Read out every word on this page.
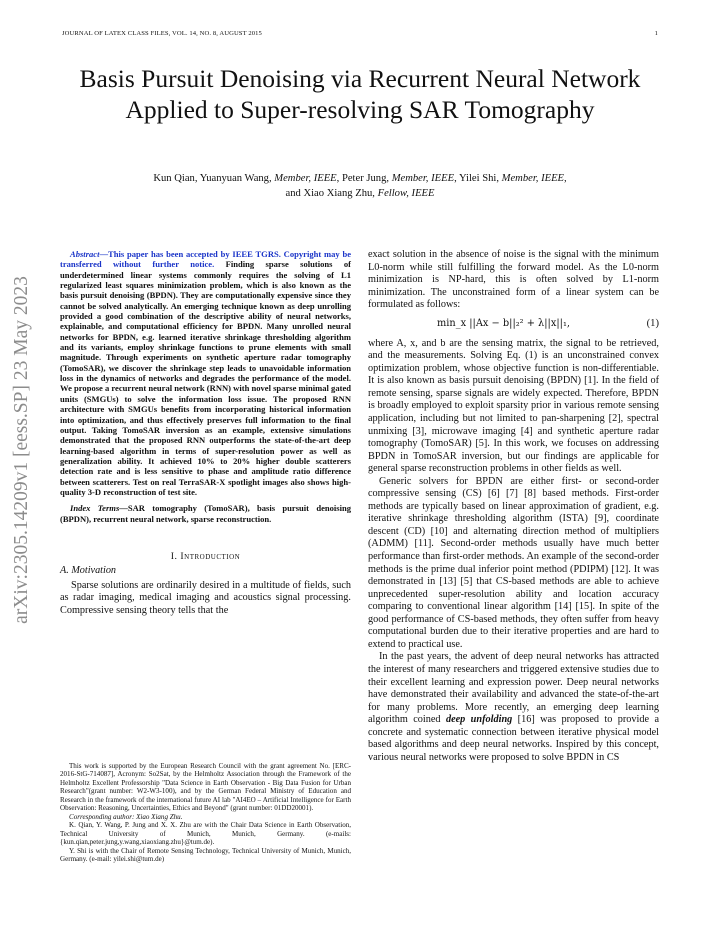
JOURNAL OF LATEX CLASS FILES, VOL. 14, NO. 8, AUGUST 2015	1
arXiv:2305.14209v1 [eess.SP] 23 May 2023
Basis Pursuit Denoising via Recurrent Neural Network Applied to Super-resolving SAR Tomography
Kun Qian, Yuanyuan Wang, Member, IEEE, Peter Jung, Member, IEEE, Yilei Shi, Member, IEEE,
and Xiao Xiang Zhu, Fellow, IEEE

Abstract—This paper has been accepted by IEEE TGRS. Copyright may be transferred without further notice. Finding sparse solutions of underdetermined linear systems commonly requires the solving of L1 regularized least squares minimization problem, which is also known as the basis pursuit denoising (BPDN). They are computationally expensive since they cannot be solved analytically. An emerging technique known as deep unrolling provided a good combination of the descriptive ability of neural networks, explainable, and computational efficiency for BPDN. Many unrolled neural networks for BPDN, e.g. learned iterative shrinkage thresholding algorithm and its variants, employ shrinkage functions to prune elements with small magnitude. Through experiments on synthetic aperture radar tomography (TomoSAR), we discover the shrinkage step leads to unavoidable information loss in the dynamics of networks and degrades the performance of the model. We propose a recurrent neural network (RNN) with novel sparse minimal gated units (SMGUs) to solve the information loss issue. The proposed RNN architecture with SMGUs benefits from incorporating historical information into optimization, and thus effectively preserves full information to the final output. Taking TomoSAR inversion as an example, extensive simulations demonstrated that the proposed RNN outperforms the state-of-the-art deep learning-based algorithm in terms of super-resolution power as well as generalization ability. It achieved 10% to 20% higher double scatterers detection rate and is less sensitive to phase and amplitude ratio difference between scatterers. Test on real TerraSAR-X spotlight images also shows high-quality 3-D reconstruction of test site.

Index Terms—SAR tomography (TomoSAR), basis pursuit denoising (BPDN), recurrent neural network, sparse reconstruction.

I. Introduction
A. Motivation

Sparse solutions are ordinarily desired in a multitude of fields, such as radar imaging, medical imaging and acoustics signal processing. Compressive sensing theory tells that the

This work is supported by the European Research Council with the grant agreement No. [ERC-2016-StG-714087], Acronym: So2Sat, by the Helmholtz Association through the Framework of the Helmholtz Excellent Professorship "Data Science in Earth Observation - Big Data Fusion for Urban Research"(grant number: W2-W3-100), and by the German Federal Ministry of Education and Research in the framework of the international future AI lab "AI4EO – Artificial Intelligence for Earth Observation: Reasoning, Uncertainties, Ethics and Beyond" (grant number: 01DD20001).

Corresponding author: Xiao Xiang Zhu.

K. Qian, Y. Wang, P. Jung and X. X. Zhu are with the Chair Data Science in Earth Observation, Technical University of Munich, Munich, Germany. (e-mails: {kun.qian,peter.jung,y.wang,xiaoxiang.zhu}@tum.de).

Y. Shi is with the Chair of Remote Sensing Technology, Technical University of Munich, Munich, Germany. (e-mail: yilei.shi@tum.de)

exact solution in the absence of noise is the signal with the minimum L0-norm while still fulfilling the forward model. As the L0-norm minimization is NP-hard, this is often solved by L1-norm minimization. The unconstrained form of a linear system can be formulated as follows:

min_x ||Ax − b||₂² + λ||x||₁,	(1)

where A, x, and b are the sensing matrix, the signal to be retrieved, and the measurements. Solving Eq. (1) is an unconstrained convex optimization problem, whose objective function is non-differentiable. It is also known as basis pursuit denoising (BPDN) [1]. In the field of remote sensing, sparse signals are widely expected. Therefore, BPDN is broadly employed to exploit sparsity prior in various remote sensing application, including but not limited to pan-sharpening [2], spectral unmixing [3], microwave imaging [4] and synthetic aperture radar tomography (TomoSAR) [5]. In this work, we focuses on addressing BPDN in TomoSAR inversion, but our findings are applicable for general sparse reconstruction problems in other fields as well.

Generic solvers for BPDN are either first- or second-order compressive sensing (CS) [6] [7] [8] based methods. First-order methods are typically based on linear approximation of gradient, e.g. iterative shrinkage thresholding algorithm (ISTA) [9], coordinate descent (CD) [10] and alternating direction method of multipliers (ADMM) [11]. Second-order methods usually have much better performance than first-order methods. An example of the second-order methods is the prime dual inferior point method (PDIPM) [12]. It was demonstrated in [13] [5] that CS-based methods are able to achieve unprecedented super-resolution ability and location accuracy comparing to conventional linear algorithm [14] [15]. In spite of the good performance of CS-based methods, they often suffer from heavy computational burden due to their iterative properties and are hard to extend to practical use.

In the past years, the advent of deep neural networks has attracted the interest of many researchers and triggered extensive studies due to their excellent learning and expression power. Deep neural networks have demonstrated their availability and advanced the state-of-the-art for many problems. More recently, an emerging deep learning algorithm coined deep unfolding [16] was proposed to provide a concrete and systematic connection between iterative physical model based algorithms and deep neural networks. Inspired by this concept, various neural networks were proposed to solve BPDN in CS
